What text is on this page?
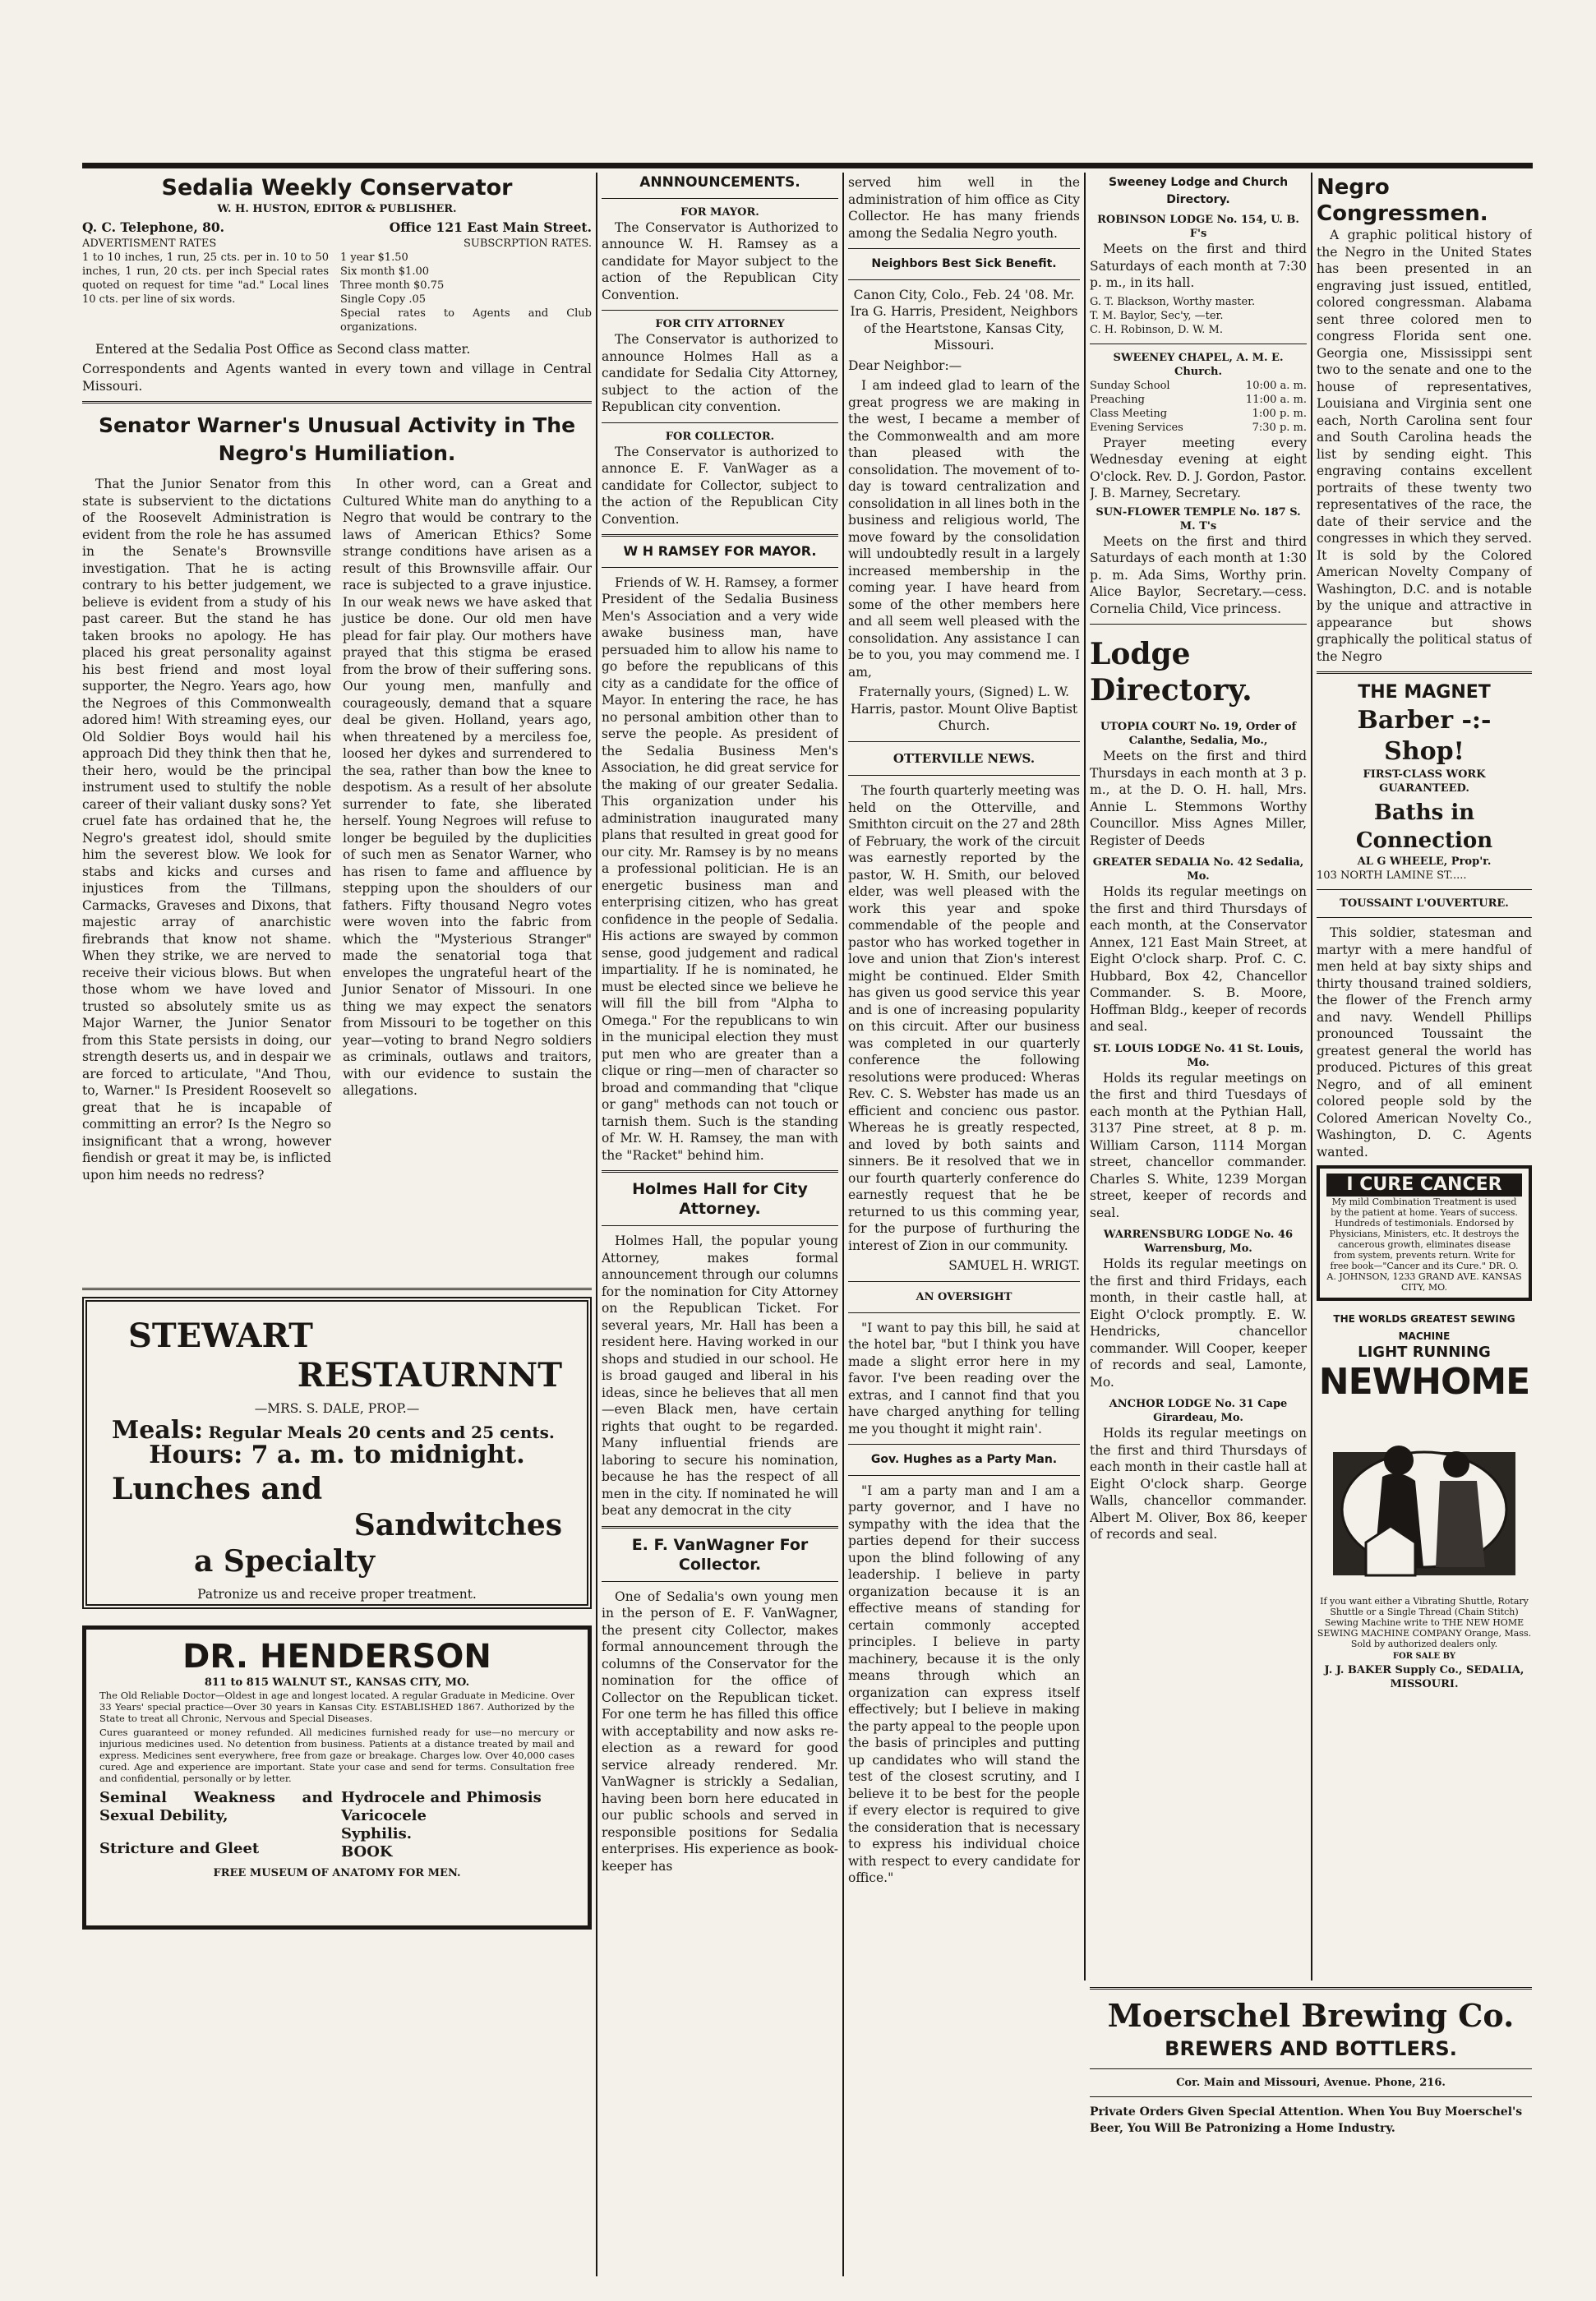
Sedalia Weekly Conservator
W. H. HUSTON, EDITOR & PUBLISHER.
Q. C. Telephone, 80.	Office 121 East Main Street.
ADVERTISMENT RATES	SUBSCRPTION RATES.
1 to 10 inches, 1 run, 25 cts. per in. 10 to 50 inches, 1 run, 20 cts. per inch Special rates quoted on request for time "ad." Local lines 10 cts. per line of six words.
1 year $1.50
Six month $1.00
Three month $0.75
Single Copy .05
Special rates to Agents and Club organizations.

Entered at the Sedalia Post Office as Second class matter.

Correspondents and Agents wanted in every town and village in Central Missouri.

Senator Warner's Unusual Activity in The Negro's Humiliation.

That the Junior Senator from this state is subservient to the dictations of the Roosevelt Administration is evident from the role he has assumed in the Senate's Brownsville investigation. That he is acting contrary to his better judgement, we believe is evident from a study of his past career. But the stand he has taken brooks no apology. He has placed his great personality against his best friend and most loyal supporter, the Negro. Years ago, how the Negroes of this Commonwealth adored him! With streaming eyes, our Old Soldier Boys would hail his approach Did they think then that he, their hero, would be the principal instrument used to stultify the noble career of their valiant dusky sons? Yet cruel fate has ordained that he, the Negro's greatest idol, should smite him the severest blow. We look for stabs and kicks and curses and injustices from the Tillmans, Carmacks, Graveses and Dixons, that majestic array of anarchistic firebrands that know not shame. When they strike, we are nerved to receive their vicious blows. But when those whom we have loved and trusted so absolutely smite us as Major Warner, the Junior Senator from this State persists in doing, our strength deserts us, and in despair we are forced to articulate, "And Thou, to, Warner." Is President Roosevelt so great that he is incapable of committing an error? Is the Negro so insignificant that a wrong, however fiendish or great it may be, is inflicted upon him needs no redress?

In other word, can a Great and Cultured White man do anything to a Negro that would be contrary to the laws of American Ethics? Some strange conditions have arisen as a result of this Brownsville affair. Our race is subjected to a grave injustice. In our weak news we have asked that justice be done. Our old men have plead for fair play. Our mothers have prayed that this stigma be erased from the brow of their suffering sons. Our young men, manfully and courageously, demand that a square deal be given. Holland, years ago, when threatened by a merciless foe, loosed her dykes and surrendered to the sea, rather than bow the knee to despotism. As a result of her absolute surrender to fate, she liberated herself. Young Negroes will refuse to longer be beguiled by the duplicities of such men as Senator Warner, who has risen to fame and affluence by stepping upon the shoulders of our fathers. Fifty thousand Negro votes were woven into the fabric from which the "Mysterious Stranger" made the senatorial toga that envelopes the ungrateful heart of the Junior Senator of Missouri. In one thing we may expect the senators from Missouri to be together on this year—voting to brand Negro soldiers as criminals, outlaws and traitors, with our evidence to sustain the allegations.

STEWART
RESTAURNNT
—MRS. S. DALE, PROP.—
Meals: Regular Meals 20 cents and 25 cents.
Hours: 7 a. m. to midnight.
Lunches and
Sandwitches
a Specialty
Patronize us and receive proper treatment.
DR. HENDERSON
811 to 815 WALNUT ST., KANSAS CITY, MO.
The Old Reliable Doctor—Oldest in age and longest located. A regular Graduate in Medicine. Over 33 Years' special practice—Over 30 years in Kansas City. ESTABLISHED 1867. Authorized by the State to treat all Chronic, Nervous and Special Diseases.
Cures guaranteed or money refunded. All medicines furnished ready for use—no mercury or injurious medicines used. No detention from business. Patients at a distance treated by mail and express. Medicines sent everywhere, free from gaze or breakage. Charges low. Over 40,000 cases cured. Age and experience are important. State your case and send for terms. Consultation free and confidential, personally or by letter.
Seminal Weakness and Sexual Debility,
Stricture and Gleet
Hydrocele and Phimosis
Varicocele
Syphilis.
BOOK
FREE MUSEUM OF ANATOMY FOR MEN.
ANNNOUNCEMENTS.
FOR MAYOR.

The Conservator is Authorized to announce W. H. Ramsey as a candidate for Mayor subject to the action of the Republican City Convention.

FOR CITY ATTORNEY

The Conservator is authorized to announce Holmes Hall as a candidate for Sedalia City Attorney, subject to the action of the Republican city convention.

FOR COLLECTOR.

The Conservator is authorized to annonce E. F. VanWager as a candidate for Collector, subject to the action of the Republican City Convention.

W H RAMSEY FOR MAYOR.

Friends of W. H. Ramsey, a former President of the Sedalia Business Men's Association and a very wide awake business man, have persuaded him to allow his name to go before the republicans of this city as a candidate for the office of Mayor. In entering the race, he has no personal ambition other than to serve the people. As president of the Sedalia Business Men's Association, he did great service for the making of our greater Sedalia. This organization under his administration inaugurated many plans that resulted in great good for our city. Mr. Ramsey is by no means a professional politician. He is an energetic business man and enterprising citizen, who has great confidence in the people of Sedalia. His actions are swayed by common sense, good judgement and radical impartiality. If he is nominated, he must be elected since we believe he will fill the bill from "Alpha to Omega." For the republicans to win in the municipal election they must put men who are greater than a clique or ring—men of character so broad and commanding that "clique or gang" methods can not touch or tarnish them. Such is the standing of Mr. W. H. Ramsey, the man with the "Racket" behind him.

Holmes Hall for City Attorney.

Holmes Hall, the popular young Attorney, makes formal announcement through our columns for the nomination for City Attorney on the Republican Ticket. For several years, Mr. Hall has been a resident here. Having worked in our shops and studied in our school. He is broad gauged and liberal in his ideas, since he believes that all men—even Black men, have certain rights that ought to be regarded. Many influential friends are laboring to secure his nomination, because he has the respect of all men in the city. If nominated he will beat any democrat in the city

E. F. VanWagner For Collector.

One of Sedalia's own young men in the person of E. F. VanWagner, the present city Collector, makes formal announcement through the columns of the Conservator for the nomination for the office of Collector on the Republican ticket. For one term he has filled this office with acceptability and now asks re-election as a reward for good service already rendered. Mr. VanWagner is strickly a Sedalian, having been born here educated in our public schools and served in responsible positions for Sedalia enterprises. His experience as book-keeper has

served him well in the administration of him office as City Collector. He has many friends among the Sedalia Negro youth.

Neighbors Best Sick Benefit.

Canon City, Colo., Feb. 24 '08. Mr. Ira G. Harris, President, Neighbors of the Heartstone, Kansas City, Missouri.

Dear Neighbor:—

I am indeed glad to learn of the great progress we are making in the west, I became a member of the Commonwealth and am more than pleased with the consolidation. The movement of to-day is toward centralization and consolidation in all lines both in the business and religious world, The move foward by the consolidation will undoubtedly result in a largely increased membership in the coming year. I have heard from some of the other members here and all seem well pleased with the consolidation. Any assistance I can be to you, you may commend me. I am,

Fraternally yours, (Signed) L. W. Harris, pastor. Mount Olive Baptist Church.

OTTERVILLE NEWS.

The fourth quarterly meeting was held on the Otterville, and Smithton circuit on the 27 and 28th of February, the work of the circuit was earnestly reported by the pastor, W. H. Smith, our beloved elder, was well pleased with the work this year and spoke commendable of the people and pastor who has worked together in love and union that Zion's interest might be continued. Elder Smith has given us good service this year and is one of increasing popularity on this circuit. After our business was completed in our quarterly conference the following resolutions were produced: Wheras Rev. C. S. Webster has made us an efficient and concienc ous pastor. Whereas he is greatly respected, and loved by both saints and sinners. Be it resolved that we in our fourth quarterly conference do earnestly request that he be returned to us this comming year, for the purpose of furthuring the interest of Zion in our community.

SAMUEL H. WRIGT.

AN OVERSIGHT

"I want to pay this bill, he said at the hotel bar, "but I think you have made a slight error here in my favor. I've been reading over the extras, and I cannot find that you have charged anything for telling me you thought it might rain'.

Gov. Hughes as a Party Man.

"I am a party man and I am a party governor, and I have no sympathy with the idea that the parties depend for their success upon the blind following of any leadership. I believe in party organization because it is an effective means of standing for certain commonly accepted principles. I believe in party machinery, because it is the only means through which an organization can express itself effectively; but I believe in making the party appeal to the people upon the basis of principles and putting up candidates who will stand the test of the closest scrutiny, and I believe it to be best for the people if every elector is required to give the consideration that is necessary to express his individual choice with respect to every candidate for office."

Sweeney Lodge and Church Directory.
ROBINSON LODGE No. 154, U. B. F's

Meets on the first and third Saturdays of each month at 7:30 p. m., in its hall.

G. T. Blackson, Worthy master.
T. M. Baylor, Sec'y, —ter.
C. H. Robinson, D. W. M.
SWEENEY CHAPEL, A. M. E. Church.
Sunday School	10:00 a. m.
Preaching	11:00 a. m.
Class Meeting	1:00 p. m.
Evening Services	7:30 p. m.

Prayer meeting every Wednesday evening at eight O'clock. Rev. D. J. Gordon, Pastor. J. B. Marney, Secretary.

SUN-FLOWER TEMPLE No. 187 S. M. T's

Meets on the first and third Saturdays of each month at 1:30 p. m. Ada Sims, Worthy prin. Alice Baylor, Secretary.—cess. Cornelia Child, Vice princess.

Lodge Directory.
UTOPIA COURT No. 19, Order of Calanthe, Sedalia, Mo.,

Meets on the first and third Thursdays in each month at 3 p. m., at the D. O. H. hall, Mrs. Annie L. Stemmons Worthy Councillor. Miss Agnes Miller, Register of Deeds

GREATER SEDALIA No. 42 Sedalia, Mo.

Holds its regular meetings on the first and third Thursdays of each month, at the Conservator Annex, 121 East Main Street, at Eight O'clock sharp. Prof. C. C. Hubbard, Box 42, Chancellor Commander. S. B. Moore, Hoffman Bldg., keeper of records and seal.

ST. LOUIS LODGE No. 41 St. Louis, Mo.

Holds its regular meetings on the first and third Tuesdays of each month at the Pythian Hall, 3137 Pine street, at 8 p. m. William Carson, 1114 Morgan street, chancellor commander. Charles S. White, 1239 Morgan street, keeper of records and seal.

WARRENSBURG LODGE No. 46 Warrensburg, Mo.

Holds its regular meetings on the first and third Fridays, each month, in their castle hall, at Eight O'clock promptly. E. W. Hendricks, chancellor commander. Will Cooper, keeper of records and seal, Lamonte, Mo.

ANCHOR LODGE No. 31 Cape Girardeau, Mo.

Holds its regular meetings on the first and third Thursdays of each month in their castle hall at Eight O'clock sharp. George Walls, chancellor commander. Albert M. Oliver, Box 86, keeper of records and seal.

Negro Congressmen.

A graphic political history of the Negro in the United States has been presented in an engraving just issued, entitled, colored congressman. Alabama sent three colored men to congress Florida sent one. Georgia one, Mississippi sent two to the senate and one to the house of representatives, Louisiana and Virginia sent one each, North Carolina sent four and South Carolina heads the list by sending eight. This engraving contains excellent portraits of these twenty two representatives of the race, the date of their service and the congresses in which they served. It is sold by the Colored American Novelty Company of Washington, D.C. and is notable by the unique and attractive in appearance but shows graphically the political status of the Negro

THE MAGNET
Barber -:- Shop!
FIRST-CLASS WORK GUARANTEED.
Baths in Connection
AL G WHEELE, Prop'r.
103 NORTH LAMINE ST.....
TOUSSAINT L'OUVERTURE.

This soldier, statesman and martyr with a mere handful of men held at bay sixty ships and thirty thousand trained soldiers, the flower of the French army and navy. Wendell Phillips pronounced Toussaint the greatest general the world has produced. Pictures of this great Negro, and of all eminent colored people sold by the Colored American Novelty Co., Washington, D. C. Agents wanted.

I CURE CANCER
My mild Combination Treatment is used by the patient at home. Years of success. Hundreds of testimonials. Endorsed by Physicians, Ministers, etc. It destroys the cancerous growth, eliminates disease from system, prevents return. Write for free book—"Cancer and its Cure." DR. O. A. JOHNSON, 1233 GRAND AVE. KANSAS CITY, MO.
THE WORLDS GREATEST SEWING MACHINE
LIGHT RUNNING
NEWHOME
If you want either a Vibrating Shuttle, Rotary Shuttle or a Single Thread (Chain Stitch) Sewing Machine write to THE NEW HOME SEWING MACHINE COMPANY Orange, Mass. Sold by authorized dealers only.
FOR SALE BY
J. J. BAKER Supply Co., SEDALIA, MISSOURI.
Moerschel Brewing Co.
BREWERS AND BOTTLERS.
Cor. Main and Missouri, Avenue. Phone, 216.
Private Orders Given Special Attention. When You Buy Moerschel's Beer, You Will Be Patronizing a Home Industry.
